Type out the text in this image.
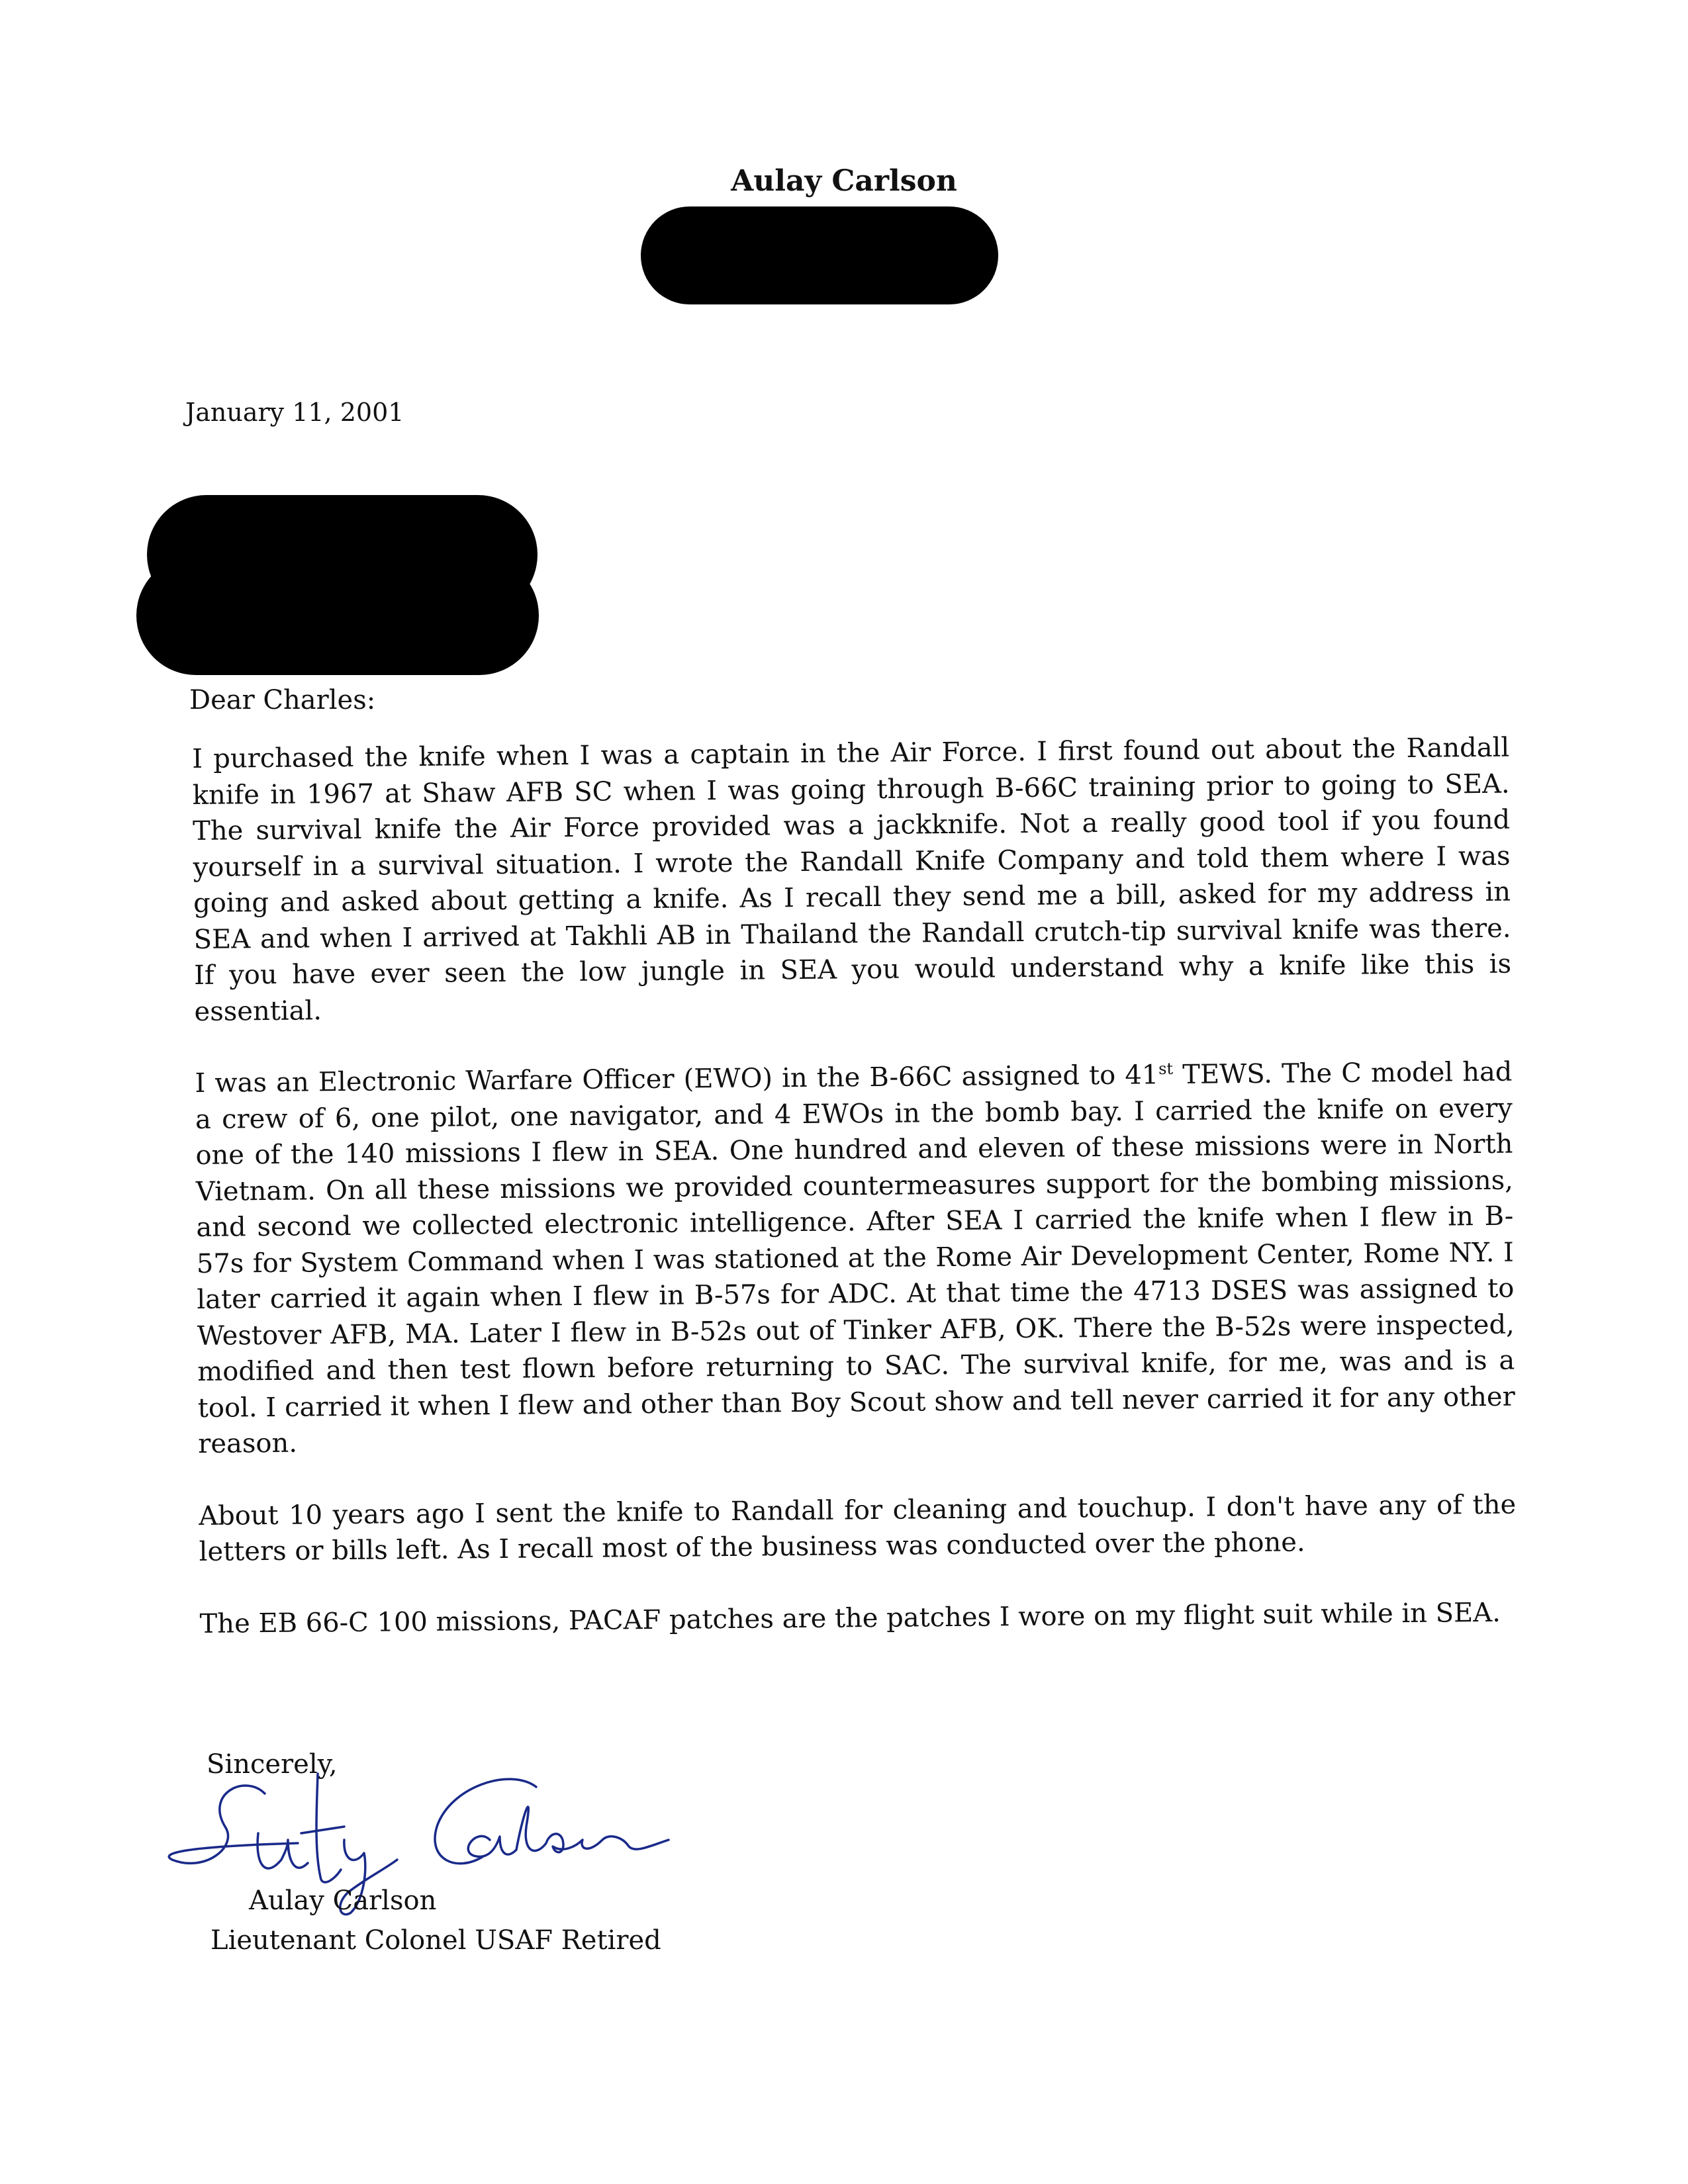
Aulay Carlson
January 11, 2001
Dear Charles:

I purchased the knife when I was a captain in the Air Force. I first found out about the Randall knife in 1967 at Shaw AFB SC when I was going through B-66C training prior to going to SEA. The survival knife the Air Force provided was a jackknife. Not a really good tool if you found yourself in a survival situation. I wrote the Randall Knife Company and told them where I was going and asked about getting a knife. As I recall they send me a bill, asked for my address in SEA and when I arrived at Takhli AB in Thailand the Randall crutch-tip survival knife was there. If you have ever seen the low jungle in SEA you would understand why a knife like this is essential.

I was an Electronic Warfare Officer (EWO) in the B-66C assigned to 41st TEWS. The C model had a crew of 6, one pilot, one navigator, and 4 EWOs in the bomb bay. I carried the knife on every one of the 140 missions I flew in SEA. One hundred and eleven of these missions were in North Vietnam. On all these missions we provided countermeasures support for the bombing missions, and second we collected electronic intelligence. After SEA I carried the knife when I flew in B-57s for System Command when I was stationed at the Rome Air Development Center, Rome NY. I later carried it again when I flew in B-57s for ADC. At that time the 4713 DSES was assigned to Westover AFB, MA. Later I flew in B-52s out of Tinker AFB, OK. There the B-52s were inspected, modified and then test flown before returning to SAC. The survival knife, for me, was and is a tool. I carried it when I flew and other than Boy Scout show and tell never carried it for any other reason.

About 10 years ago I sent the knife to Randall for cleaning and touchup. I don't have any of the letters or bills left. As I recall most of the business was conducted over the phone.

The EB 66-C 100 missions, PACAF patches are the patches I wore on my flight suit while in SEA.

Sincerely,
Aulay Carlson
Lieutenant Colonel USAF Retired
